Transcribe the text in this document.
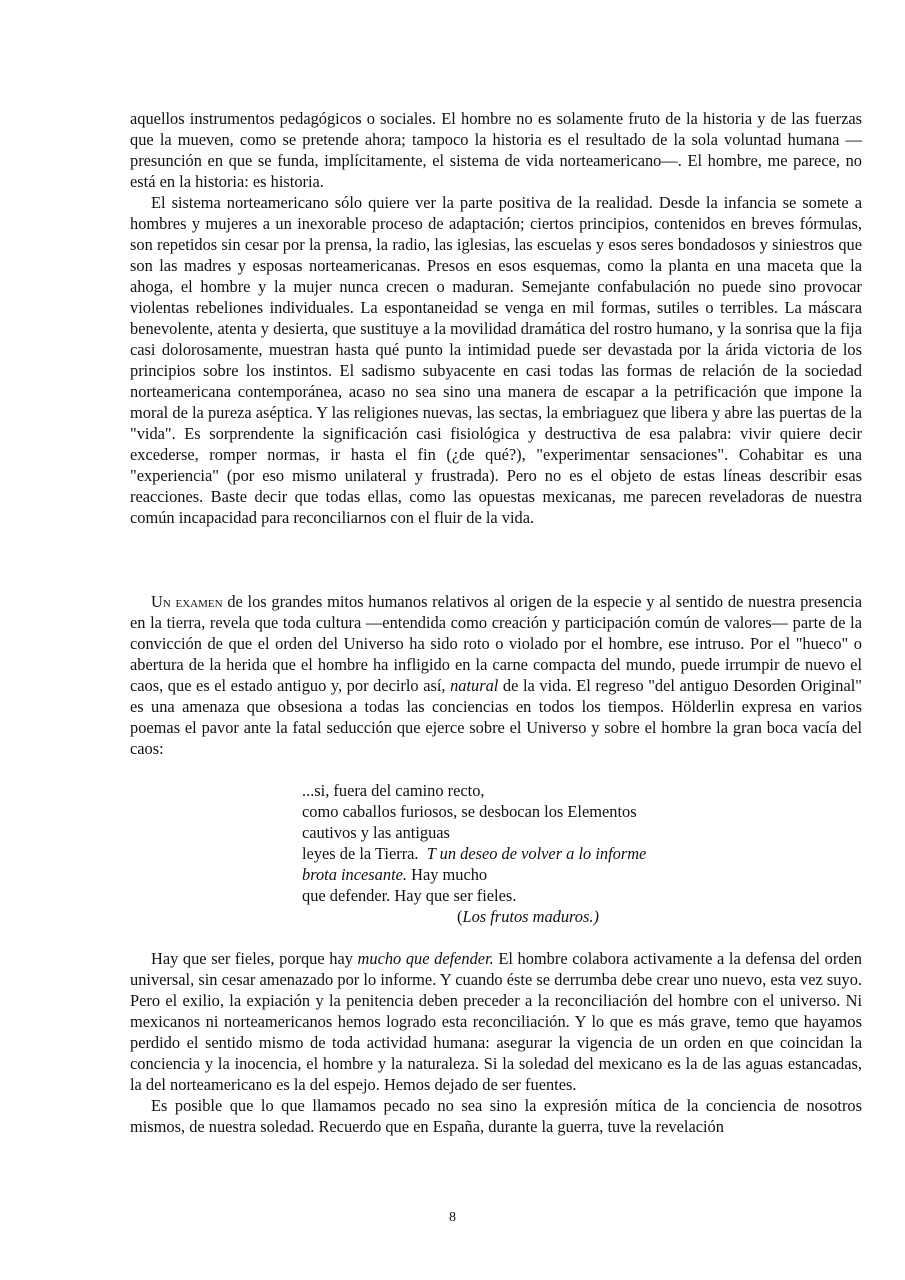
aquellos instrumentos pedagógicos o sociales. El hombre no es solamente fruto de la historia y de las fuerzas que la mueven, como se pretende ahora; tampoco la historia es el resultado de la sola voluntad humana —presunción en que se funda, implícitamente, el sistema de vida norteamericano—. El hombre, me parece, no está en la historia: es historia.

El sistema norteamericano sólo quiere ver la parte positiva de la realidad. Desde la infancia se somete a hombres y mujeres a un inexorable proceso de adaptación; ciertos principios, contenidos en breves fórmulas, son repetidos sin cesar por la prensa, la radio, las iglesias, las escuelas y esos seres bondadosos y siniestros que son las madres y esposas norteamericanas. Presos en esos esquemas, como la planta en una maceta que la ahoga, el hombre y la mujer nunca crecen o maduran. Semejante confabulación no puede sino provocar violentas rebeliones individuales. La espontaneidad se venga en mil formas, sutiles o terribles. La máscara benevolente, atenta y desierta, que sustituye a la movilidad dramática del rostro humano, y la sonrisa que la fija casi dolorosamente, muestran hasta qué punto la intimidad puede ser devastada por la árida victoria de los principios sobre los instintos. El sadismo subyacente en casi todas las formas de relación de la sociedad norteamericana contemporánea, acaso no sea sino una manera de escapar a la petrificación que impone la moral de la pureza aséptica. Y las religiones nuevas, las sectas, la embriaguez que libera y abre las puertas de la "vida". Es sorprendente la significación casi fisiológica y destructiva de esa palabra: vivir quiere decir excederse, romper normas, ir hasta el fin (¿de qué?), "experimentar sensaciones". Cohabitar es una "experiencia" (por eso mismo unilateral y frustrada). Pero no es el objeto de estas líneas describir esas reacciones. Baste decir que todas ellas, como las opuestas mexicanas, me parecen reveladoras de nuestra común incapacidad para reconciliarnos con el fluir de la vida.

Un examen de los grandes mitos humanos relativos al origen de la especie y al sentido de nuestra presencia en la tierra, revela que toda cultura —entendida como creación y participación común de valores— parte de la convicción de que el orden del Universo ha sido roto o violado por el hombre, ese intruso. Por el "hueco" o abertura de la herida que el hombre ha infligido en la carne compacta del mundo, puede irrumpir de nuevo el caos, que es el estado antiguo y, por decirlo así, natural de la vida. El regreso "del antiguo Desorden Original" es una amenaza que obsesiona a todas las conciencias en todos los tiempos. Hölderlin expresa en varios poemas el pavor ante la fatal seducción que ejerce sobre el Universo y sobre el hombre la gran boca vacía del caos:

...si, fuera del camino recto,
como caballos furiosos, se desbocan los Elementos
cautivos y las antiguas
leyes de la Tierra.  T un deseo de volver a lo informe
brota incesante. Hay mucho
que defender. Hay que ser fieles.
(Los frutos maduros.)

Hay que ser fieles, porque hay mucho que defender. El hombre colabora activamente a la defensa del orden universal, sin cesar amenazado por lo informe. Y cuando éste se derrumba debe crear uno nuevo, esta vez suyo. Pero el exilio, la expiación y la penitencia deben preceder a la reconciliación del hombre con el universo. Ni mexicanos ni norteamericanos hemos logrado esta reconciliación. Y lo que es más grave, temo que hayamos perdido el sentido mismo de toda actividad humana: asegurar la vigencia de un orden en que coincidan la conciencia y la inocencia, el hombre y la naturaleza. Si la soledad del mexicano es la de las aguas estancadas, la del norteamericano es la del espejo. Hemos dejado de ser fuentes.

Es posible que lo que llamamos pecado no sea sino la expresión mítica de la conciencia de nosotros mismos, de nuestra soledad. Recuerdo que en España, durante la guerra, tuve la revelación

8
